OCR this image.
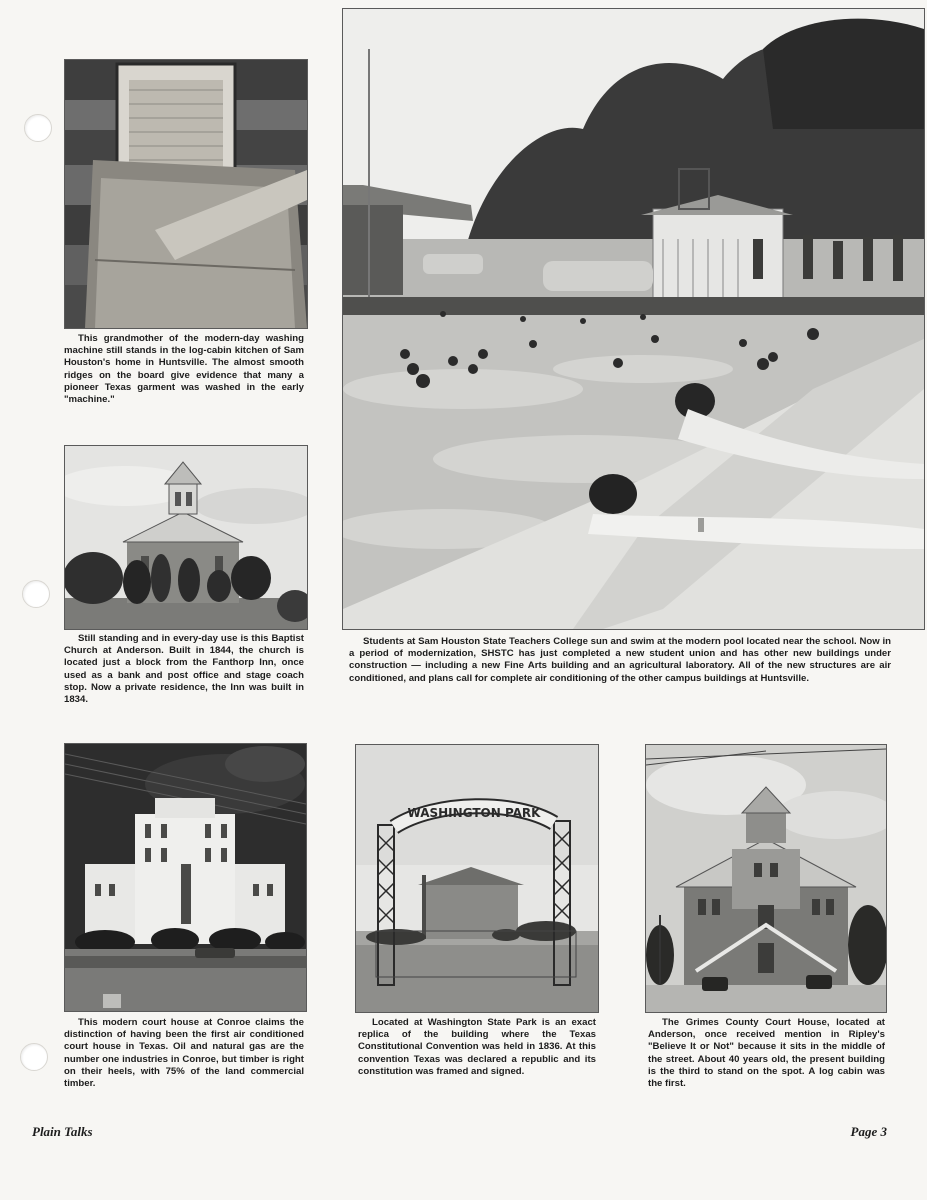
This grandmother of the modern-day washing machine still stands in the log-cabin kitchen of Sam Houston's home in Huntsville. The almost smooth ridges on the board give evidence that many a pioneer Texas garment was washed in the early "machine."

Still standing and in every-day use is this Baptist Church at Anderson. Built in 1844, the church is located just a block from the Fanthorp Inn, once used as a bank and post office and stage coach stop. Now a private residence, the Inn was built in 1834.

Students at Sam Houston State Teachers College sun and swim at the modern pool located near the school. Now in a period of modernization, SHSTC has just completed a new student union and has other new buildings under construction — including a new Fine Arts building and an agricultural laboratory. All of the new structures are air conditioned, and plans call for complete air conditioning of the other campus buildings at Huntsville.

This modern court house at Conroe claims the distinction of having been the first air conditioned court house in Texas. Oil and natural gas are the number one industries in Conroe, but timber is right on their heels, with 75% of the land commercial timber.

WASHINGTON PARK

Located at Washington State Park is an exact replica of the building where the Texas Constitutional Convention was held in 1836. At this convention Texas was declared a republic and its constitution was framed and signed.

The Grimes County Court House, located at Anderson, once received mention in Ripley's "Believe It or Not" because it sits in the middle of the street. About 40 years old, the present building is the third to stand on the spot. A log cabin was the first.

Plain Talks	Page 3
